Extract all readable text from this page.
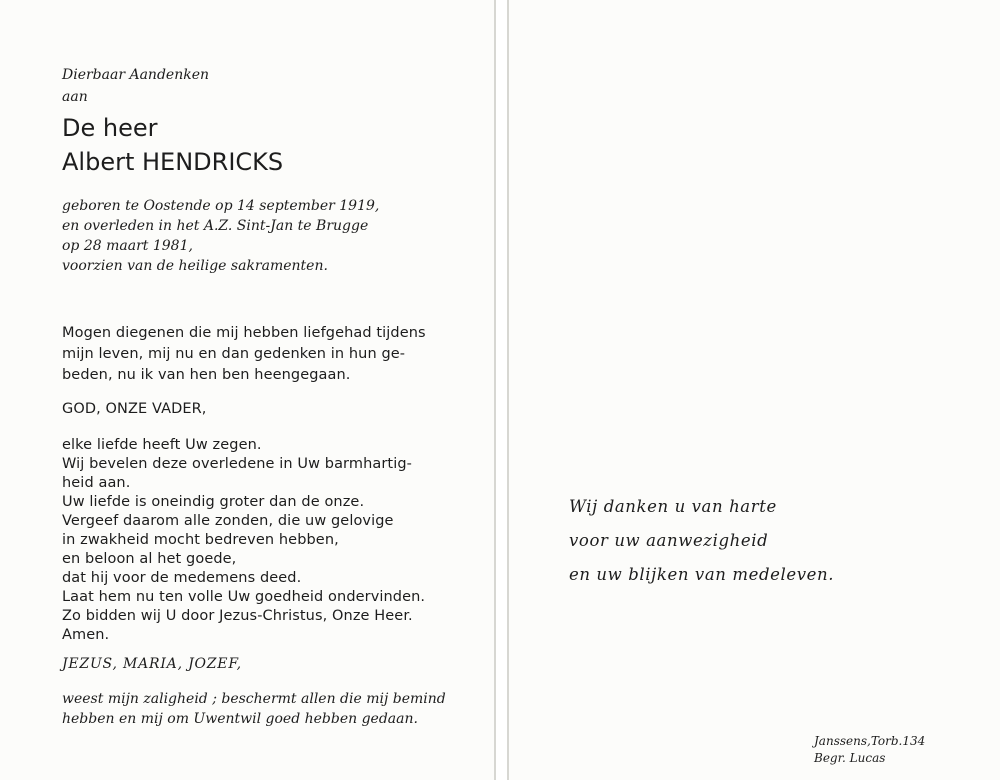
Dierbaar Aandenken
aan
De heer
Albert HENDRICKS
geboren te Oostende op 14 september 1919,
en overleden in het A.Z. Sint-Jan te Brugge
op 28 maart 1981,
voorzien van de heilige sakramenten.
Mogen diegenen die mij hebben liefgehad tijdens
mijn leven, mij nu en dan gedenken in hun ge-
beden, nu ik van hen ben heengegaan.
GOD, ONZE VADER,
elke liefde heeft Uw zegen.
Wij bevelen deze overledene in Uw barmhartig-
heid aan.
Uw liefde is oneindig groter dan de onze.
Vergeef daarom alle zonden, die uw gelovige
in zwakheid mocht bedreven hebben,
en beloon al het goede,
dat hij voor de medemens deed.
Laat hem nu ten volle Uw goedheid ondervinden.
Zo bidden wij U door Jezus-Christus, Onze Heer.
Amen.
JEZUS, MARIA, JOZEF,
weest mijn zaligheid ; beschermt allen die mij bemind
hebben en mij om Uwentwil goed hebben gedaan.
Wij danken u van harte
voor uw aanwezigheid
en uw blijken van medeleven.
Janssens,Torb.134
Begr. Lucas
